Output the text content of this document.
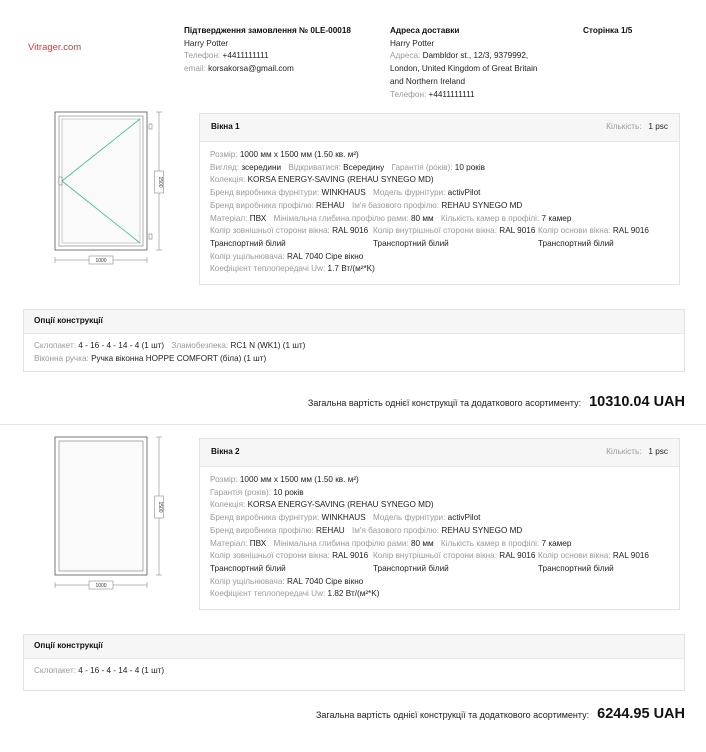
Vitrager.com
Підтвердження замовлення № 0LE-00018
Harry Potter
Телефон: +4411111111
email: korsakorsa@gmail.com
Адреса доставки
Harry Potter
Адреса: Dambldor st., 12/3, 9379992, London, United Kingdom of Great Britain and Northern Ireland
Телефон: +4411111111
Сторінка 1/5
1500
1000
Вікна 1	Кількість: 1 psc
Розмір: 1000 мм х 1500 мм (1.50 кв. м²)
Вигляд: зсередини Відкриватися: Всередину Гарантія (років): 10 років
Колекція: KORSA ENERGY-SAVING (REHAU SYNEGO MD)
Бренд виробника фурнітури: WINKHAUS Модель фурнітури: activPilot
Бренд виробника профілю: REHAU Ім'я базового профілю: REHAU SYNEGO MD
Матеріал: ПВХ Мінімальна глибина профілю рами: 80 мм Кількість камер в профілі: 7 камер
Колір зовнішньої сторони вікна: RAL 9016 Транспортний білий
Колір внутрішньої сторони вікна: RAL 9016 Транспортний білий
Колір основи вікна: RAL 9016 Транспортний білий
Колір ущільнювача: RAL 7040 Сіре вікно
Коефіцієнт теплопередачі Uw: 1.7 Вт/(м²*K)
Опції конструкції
Склопакет: 4 - 16 - 4 - 14 - 4 (1 шт) Зламобезпека: RC1 N (WK1) (1 шт)
Віконна ручка: Ручка віконна HOPPE COMFORT (біла) (1 шт)
Загальна вартість однієї конструкції та додаткового асортименту: 10310.04 UAH
1500
1000
Вікна 2	Кількість: 1 psc
Розмір: 1000 мм х 1500 мм (1.50 кв. м²)
Гарантія (років): 10 років
Колекція: KORSA ENERGY-SAVING (REHAU SYNEGO MD)
Бренд виробника фурнітури: WINKHAUS Модель фурнітури: activPilot
Бренд виробника профілю: REHAU Ім'я базового профілю: REHAU SYNEGO MD
Матеріал: ПВХ Мінімальна глибина профілю рами: 80 мм Кількість камер в профілі: 7 камер
Колір зовнішньої сторони вікна: RAL 9016 Транспортний білий
Колір внутрішньої сторони вікна: RAL 9016 Транспортний білий
Колір основи вікна: RAL 9016 Транспортний білий
Колір ущільнювача: RAL 7040 Сіре вікно
Коефіцієнт теплопередачі Uw: 1.82 Вт/(м²*K)
Опції конструкції
Склопакет: 4 - 16 - 4 - 14 - 4 (1 шт)
Загальна вартість однієї конструкції та додаткового асортименту: 6244.95 UAH
